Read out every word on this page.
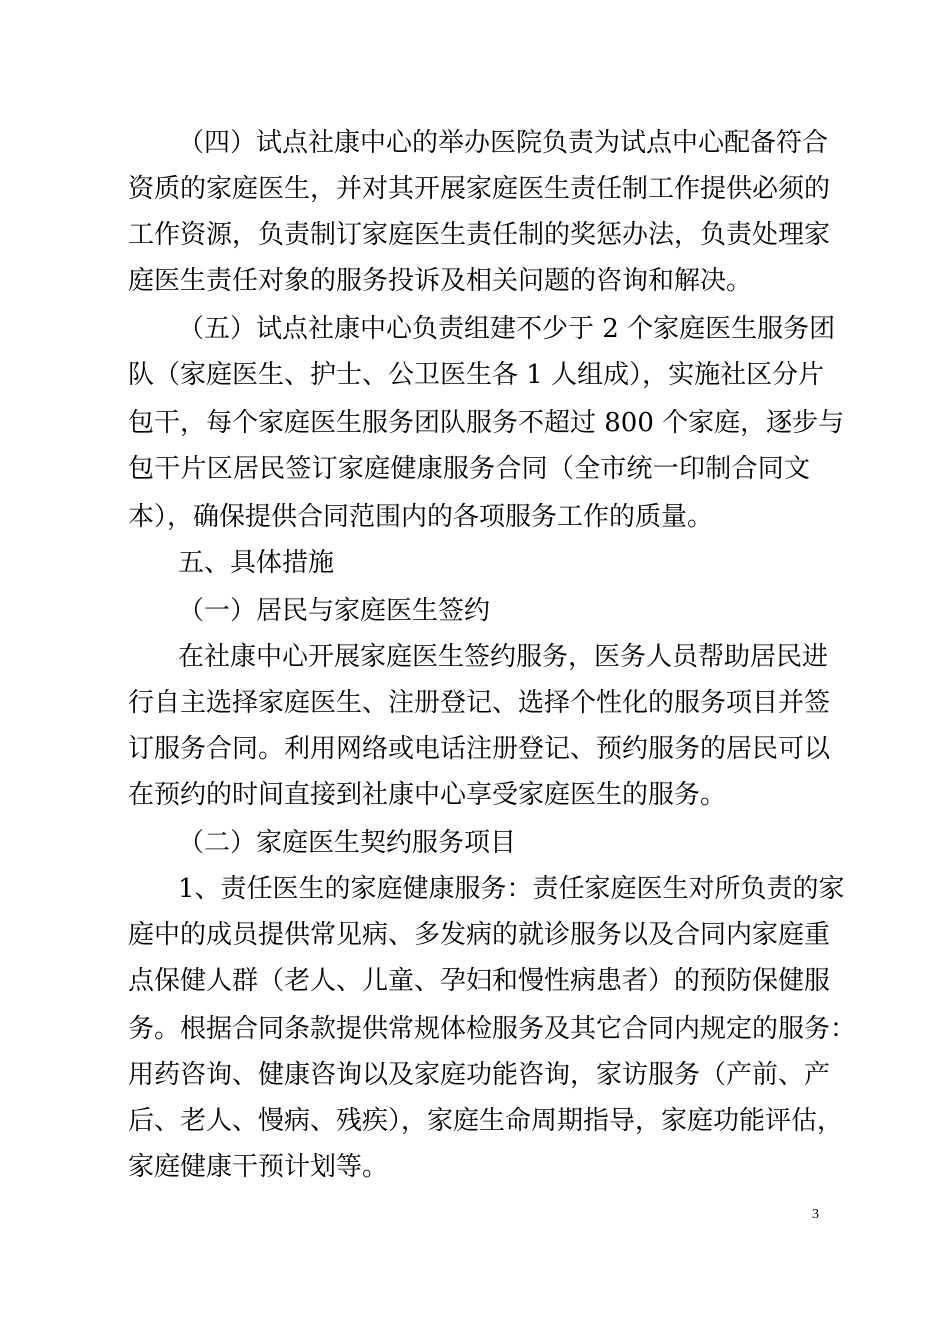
（四）试点社康中心的举办医院负责为试点中心配备符合
资质的家庭医生，并对其开展家庭医生责任制工作提供必须的
工作资源，负责制订家庭医生责任制的奖惩办法，负责处理家
庭医生责任对象的服务投诉及相关问题的咨询和解决。
（五）试点社康中心负责组建不少于 2 个家庭医生服务团
队（家庭医生、护士、公卫医生各 1 人组成），实施社区分片
包干，每个家庭医生服务团队服务不超过 800 个家庭，逐步与
包干片区居民签订家庭健康服务合同（全市统一印制合同文
本），确保提供合同范围内的各项服务工作的质量。
五、具体措施
（一）居民与家庭医生签约
在社康中心开展家庭医生签约服务，医务人员帮助居民进
行自主选择家庭医生、注册登记、选择个性化的服务项目并签
订服务合同。利用网络或电话注册登记、预约服务的居民可以
在预约的时间直接到社康中心享受家庭医生的服务。
（二）家庭医生契约服务项目
1、责任医生的家庭健康服务：责任家庭医生对所负责的家
庭中的成员提供常见病、多发病的就诊服务以及合同内家庭重
点保健人群（老人、儿童、孕妇和慢性病患者）的预防保健服
务。根据合同条款提供常规体检服务及其它合同内规定的服务：
用药咨询、健康咨询以及家庭功能咨询，家访服务（产前、产
后、老人、慢病、残疾），家庭生命周期指导，家庭功能评估，
家庭健康干预计划等。
3
